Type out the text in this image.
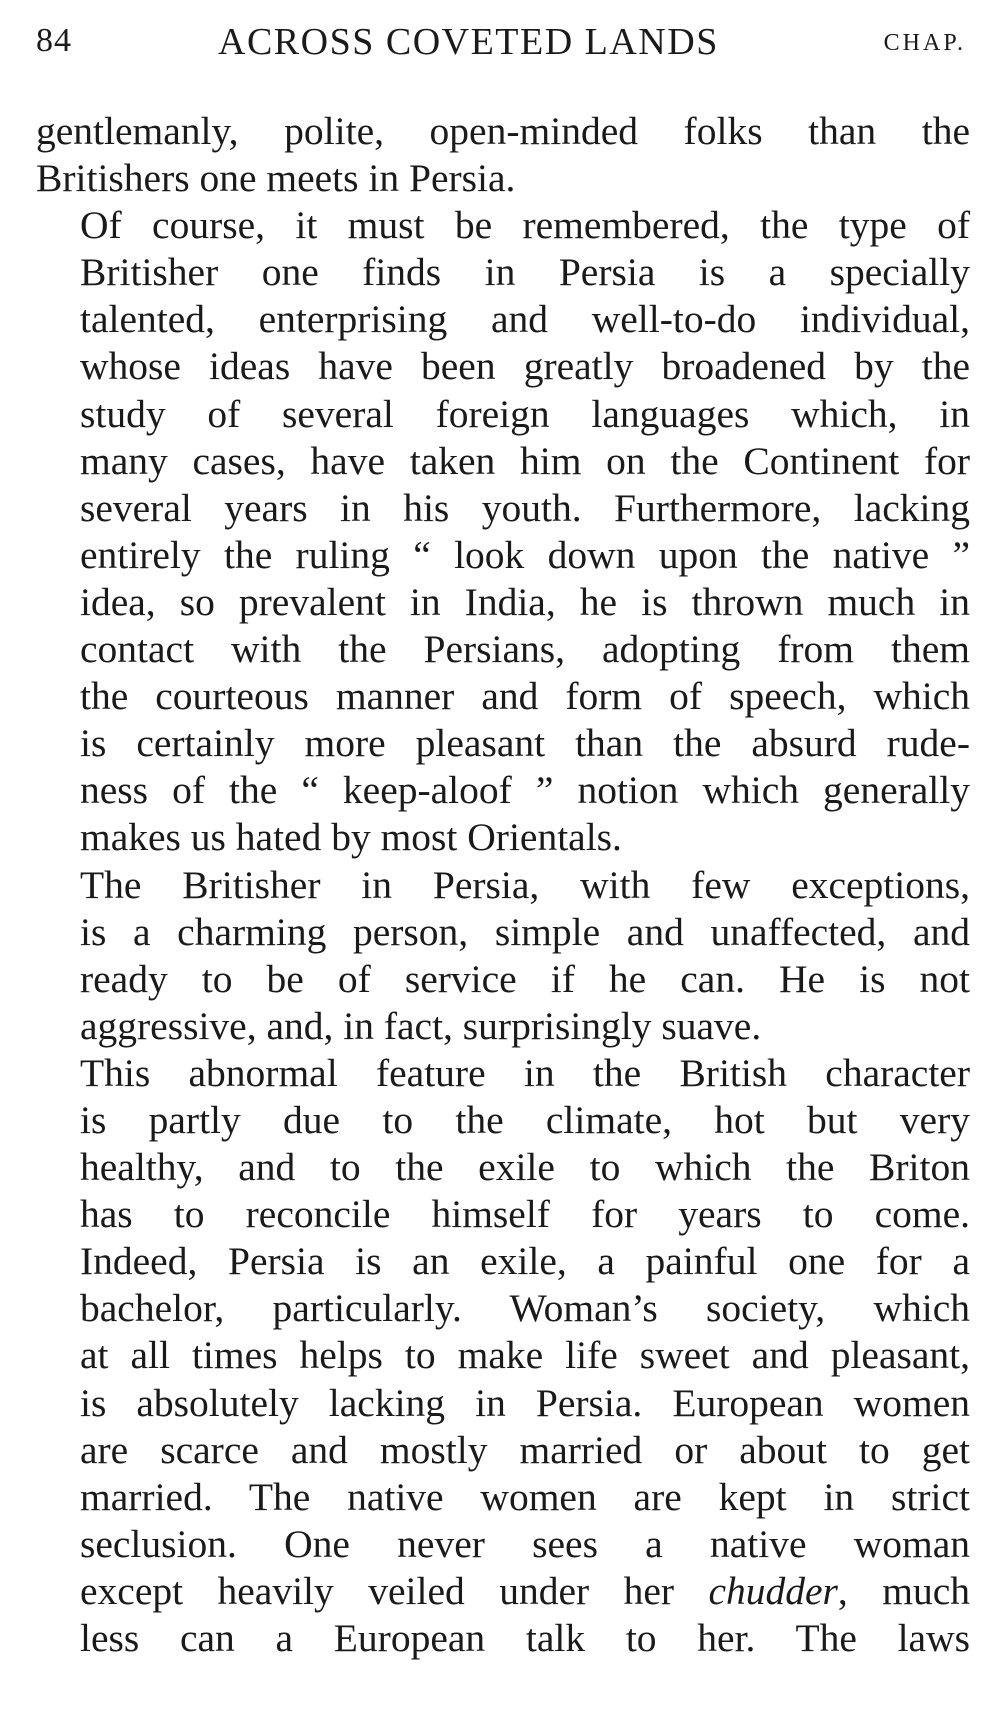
84	ACROSS COVETED LANDS	CHAP.

gentlemanly, polite, open-minded folks than the
Britishers one meets in Persia.

Of course, it must be remembered, the type of
Britisher one finds in Persia is a specially
talented, enterprising and well-to-do individual,
whose ideas have been greatly broadened by the
study of several foreign languages which, in
many cases, have taken him on the Continent for
several years in his youth. Furthermore, lacking
entirely the ruling “ look down upon the native ”
idea, so prevalent in India, he is thrown much in
contact with the Persians, adopting from them
the courteous manner and form of speech, which
is certainly more pleasant than the absurd rude-
ness of the “ keep-aloof ” notion which generally
makes us hated by most Orientals.

The Britisher in Persia, with few exceptions,
is a charming person, simple and unaffected, and
ready to be of service if he can. He is not
aggressive, and, in fact, surprisingly suave.

This abnormal feature in the British character
is partly due to the climate, hot but very
healthy, and to the exile to which the Briton
has to reconcile himself for years to come.
Indeed, Persia is an exile, a painful one for a
bachelor, particularly. Woman’s society, which
at all times helps to make life sweet and pleasant,
is absolutely lacking in Persia. European women
are scarce and mostly married or about to get
married. The native women are kept in strict
seclusion. One never sees a native woman
except heavily veiled under her chudder, much
less can a European talk to her. The laws
